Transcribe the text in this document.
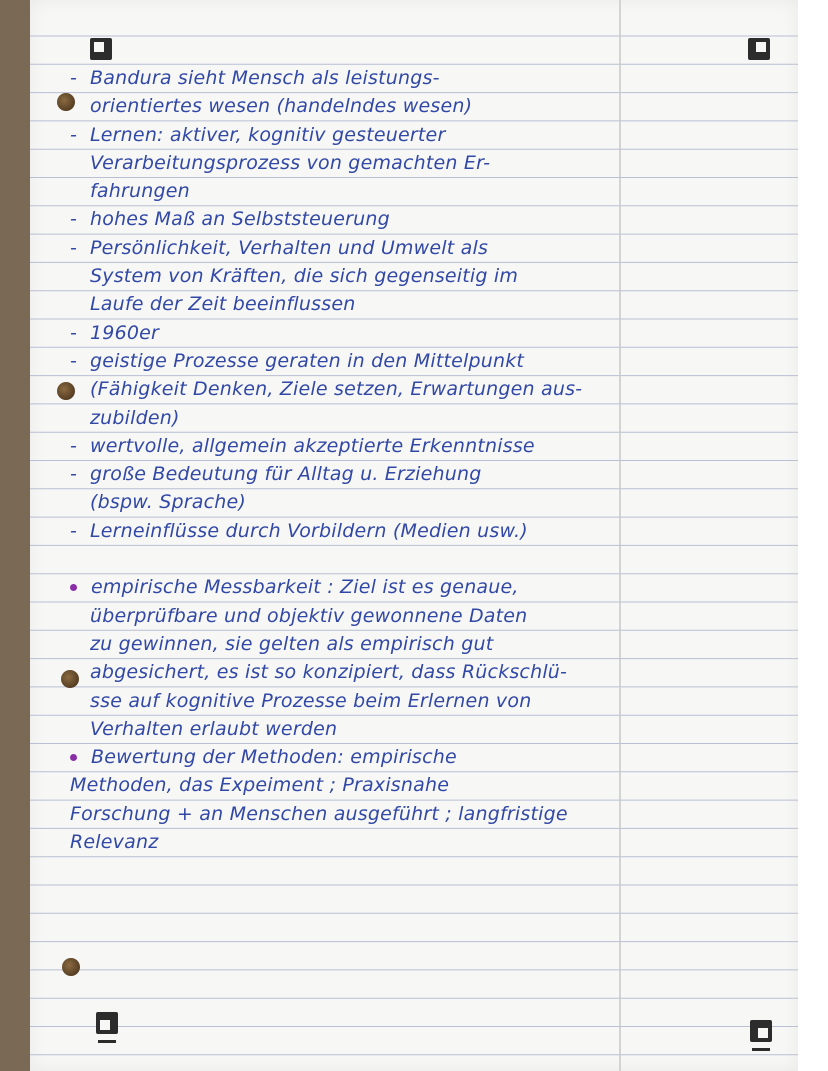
- Bandura sieht Mensch als leistungs-
orientiertes wesen (handelndes wesen)
- Lernen: aktiver, kognitiv gesteuerter
Verarbeitungsprozess von gemachten Er-
fahrungen
- hohes Maß an Selbststeuerung
- Persönlichkeit, Verhalten und Umwelt als
System von Kräften, die sich gegenseitig im
Laufe der Zeit beeinflussen
- 1960er
- geistige Prozesse geraten in den Mittelpunkt
(Fähigkeit Denken, Ziele setzen, Erwartungen aus-
zubilden)
- wertvolle, allgemein akzeptierte Erkenntnisse
- große Bedeutung für Alltag u. Erziehung
(bspw. Sprache)
- Lerneinflüsse durch Vorbildern (Medien usw.)
empirische Messbarkeit : Ziel ist es genaue,
überprüfbare und objektiv gewonnene Daten
zu gewinnen, sie gelten als empirisch gut
abgesichert, es ist so konzipiert, dass Rückschlü-
sse auf kognitive Prozesse beim Erlernen von
Verhalten erlaubt werden
Bewertung der Methoden: empirische
Methoden, das Expeiment ; Praxisnahe
Forschung + an Menschen ausgeführt ; langfristige
Relevanz
